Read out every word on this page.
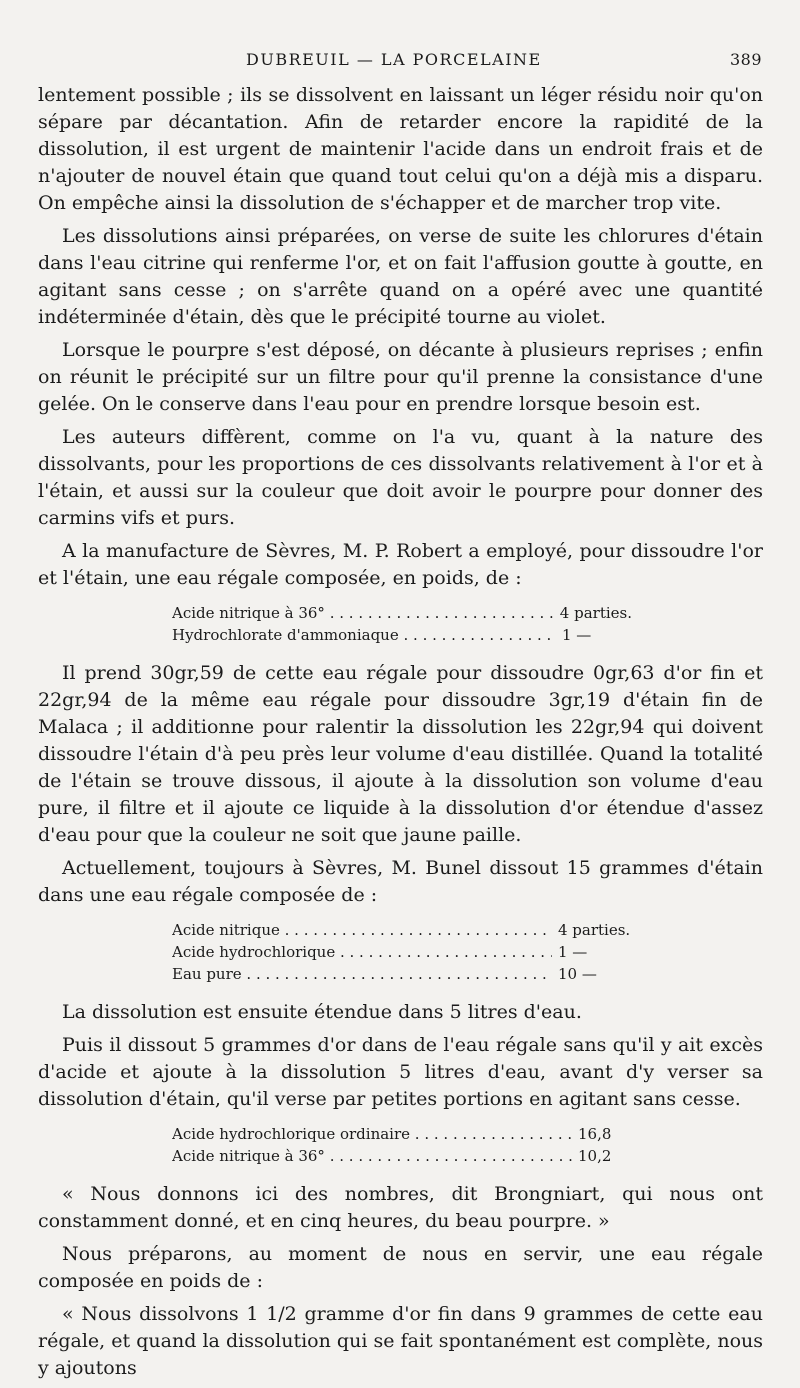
DUBREUIL — LA PORCELAINE	389

lentement possible ; ils se dissolvent en laissant un léger résidu noir qu'on sépare par décantation. Afin de retarder encore la rapidité de la dissolution, il est urgent de maintenir l'acide dans un endroit frais et de n'ajouter de nouvel étain que quand tout celui qu'on a déjà mis a disparu. On empêche ainsi la dissolution de s'échapper et de marcher trop vite.

Les dissolutions ainsi préparées, on verse de suite les chlorures d'étain dans l'eau citrine qui renferme l'or, et on fait l'affusion goutte à goutte, en agitant sans cesse ; on s'arrête quand on a opéré avec une quantité indéterminée d'étain, dès que le précipité tourne au violet.

Lorsque le pourpre s'est déposé, on décante à plusieurs reprises ; enfin on réunit le précipité sur un filtre pour qu'il prenne la consistance d'une gelée. On le conserve dans l'eau pour en prendre lorsque besoin est.

Les auteurs diffèrent, comme on l'a vu, quant à la nature des dissolvants, pour les proportions de ces dissolvants relativement à l'or et à l'étain, et aussi sur la couleur que doit avoir le pourpre pour donner des carmins vifs et purs.

A la manufacture de Sèvres, M. P. Robert a employé, pour dissoudre l'or et l'étain, une eau régale composée, en poids, de :

Acide nitrique à 36° . . .	4 parties.
Hydrochlorate d'ammoniaque . . .	1 —

Il prend 30gr,59 de cette eau régale pour dissoudre 0gr,63 d'or fin et 22gr,94 de la même eau régale pour dissoudre 3gr,19 d'étain fin de Malaca ; il additionne pour ralentir la dissolution les 22gr,94 qui doivent dissoudre l'étain d'à peu près leur volume d'eau distillée. Quand la totalité de l'étain se trouve dissous, il ajoute à la dissolution son volume d'eau pure, il filtre et il ajoute ce liquide à la dissolution d'or étendue d'assez d'eau pour que la couleur ne soit que jaune paille.

Actuellement, toujours à Sèvres, M. Bunel dissout 15 grammes d'étain dans une eau régale composée de :

Acide nitrique . . .	4 parties.
Acide hydrochlorique . . .	1 —
Eau pure . . .	10 —

La dissolution est ensuite étendue dans 5 litres d'eau.

Puis il dissout 5 grammes d'or dans de l'eau régale sans qu'il y ait excès d'acide et ajoute à la dissolution 5 litres d'eau, avant d'y verser sa dissolution d'étain, qu'il verse par petites portions en agitant sans cesse.

Acide hydrochlorique ordinaire . . .	16,8
Acide nitrique à 36° . . .	10,2

« Nous donnons ici des nombres, dit Brongniart, qui nous ont constamment donné, et en cinq heures, du beau pourpre. »

Nous préparons, au moment de nous en servir, une eau régale composée en poids de :

« Nous dissolvons 1 1/2 gramme d'or fin dans 9 grammes de cette eau régale, et quand la dissolution qui se fait spontanément est complète, nous y ajoutons
